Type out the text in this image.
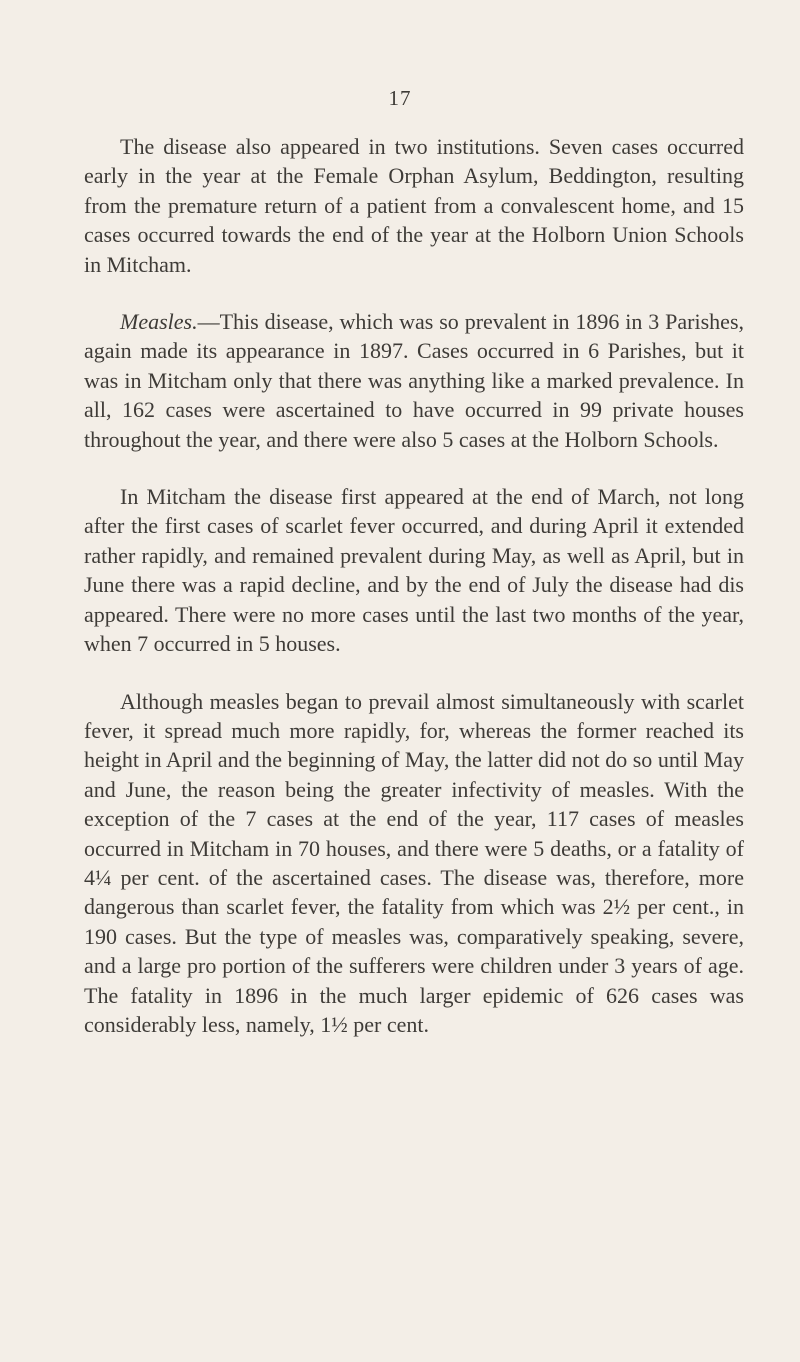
17

The disease also appeared in two institutions. Seven cases occurred early in the year at the Female Orphan Asylum, Beddington, resulting from the premature return of a patient from a convalescent home, and 15 cases occurred towards the end of the year at the Holborn Union Schools in Mitcham.

Measles.—This disease, which was so prevalent in 1896 in 3 Parishes, again made its appearance in 1897. Cases occurred in 6 Parishes, but it was in Mitcham only that there was anything like a marked prevalence. In all, 162 cases were ascertained to have occurred in 99 private houses throughout the year, and there were also 5 cases at the Holborn Schools.

In Mitcham the disease first appeared at the end of March, not long after the first cases of scarlet fever occurred, and during April it extended rather rapidly, and remained prevalent during May, as well as April, but in June there was a rapid decline, and by the end of July the disease had dis appeared. There were no more cases until the last two months of the year, when 7 occurred in 5 houses.

Although measles began to prevail almost simultaneously with scarlet fever, it spread much more rapidly, for, whereas the former reached its height in April and the beginning of May, the latter did not do so until May and June, the reason being the greater infectivity of measles. With the exception of the 7 cases at the end of the year, 117 cases of measles occurred in Mitcham in 70 houses, and there were 5 deaths, or a fatality of 4¼ per cent. of the ascertained cases. The disease was, therefore, more dangerous than scarlet fever, the fatality from which was 2½ per cent., in 190 cases. But the type of measles was, comparatively speaking, severe, and a large pro portion of the sufferers were children under 3 years of age. The fatality in 1896 in the much larger epidemic of 626 cases was considerably less, namely, 1½ per cent.
